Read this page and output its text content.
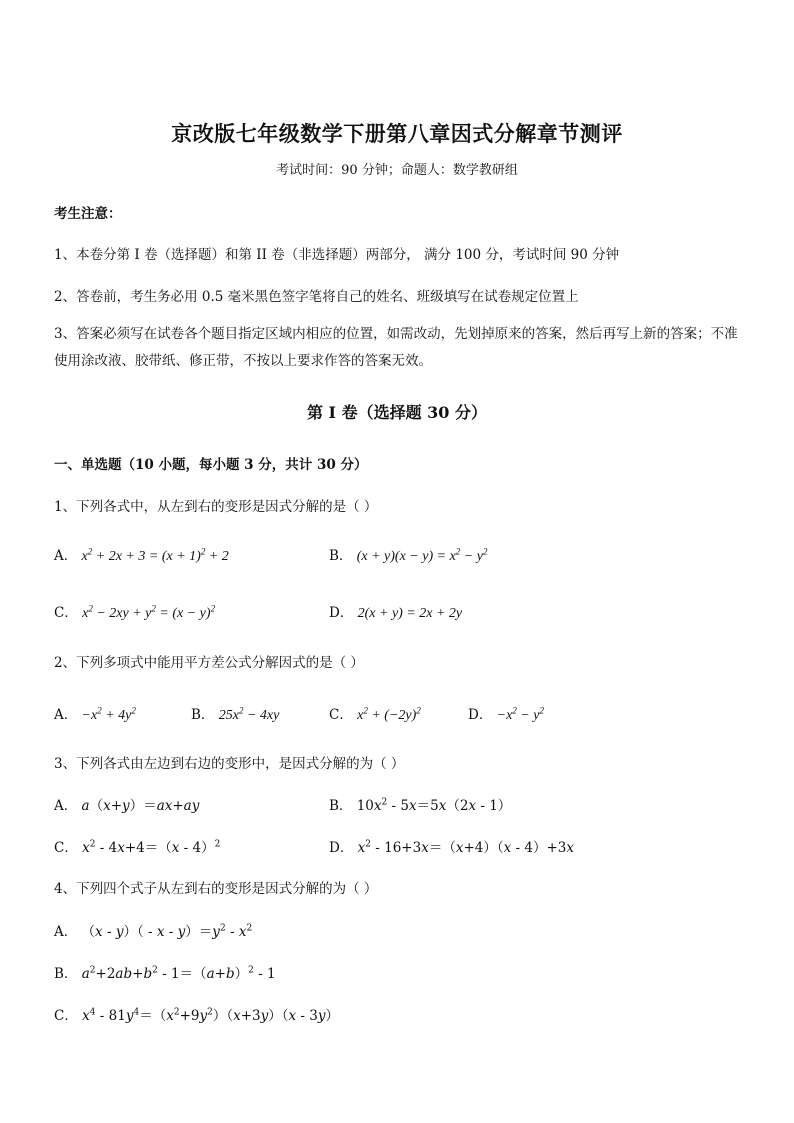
京改版七年级数学下册第八章因式分解章节测评
考试时间：90 分钟；命题人：数学教研组
考生注意：
1、本卷分第 I 卷（选择题）和第 II 卷（非选择题）两部分， 满分 100 分，考试时间 90 分钟
2、答卷前，考生务必用 0.5 毫米黑色签字笔将自己的姓名、班级填写在试卷规定位置上
3、答案必须写在试卷各个题目指定区域内相应的位置，如需改动，先划掉原来的答案，然后再写上新的答案；不准使用涂改液、胶带纸、修正带，不按以上要求作答的答案无效。
第 I 卷（选择题 30 分）
一、单选题（10 小题，每小题 3 分，共计 30 分）
1、下列各式中，从左到右的变形是因式分解的是（ ）
A． $x^2 + 2x + 3 = (x + 1)^2 + 2$	B． $(x + y)(x - y) = x^2 - y^2$
C． $x^2 - 2xy + y^2 = (x - y)^2$	D． 2(x + y) = 2x + 2y
2、下列多项式中能用平方差公式分解因式的是（ ）
A． $-x^2 + 4y^2$	B． $25x^2 - 4xy$	C． $x^2 + (-2y)^2$	D． $-x^2 - y^2$
3、下列各式由左边到右边的变形中，是因式分解的为（ ）
A． a（x+y）＝ax+ay	B． $10x^2 - 5x=5x(2x - 1)$
C． $x^2 - 4x+4=(x - 4)^2$	D． $x^2 - 16+3x=(x+4)(x - 4)+3x$
4、下列四个式子从左到右的变形是因式分解的为（ ）
A． $(x - y)( - x - y)=y^2 - x^2$
B． $a^2+2ab+b^2 - 1=(a+b)^2 - 1$
C． $x^4 - 81y^4=(x^2+9y^2)(x+3y)(x - 3y)$
